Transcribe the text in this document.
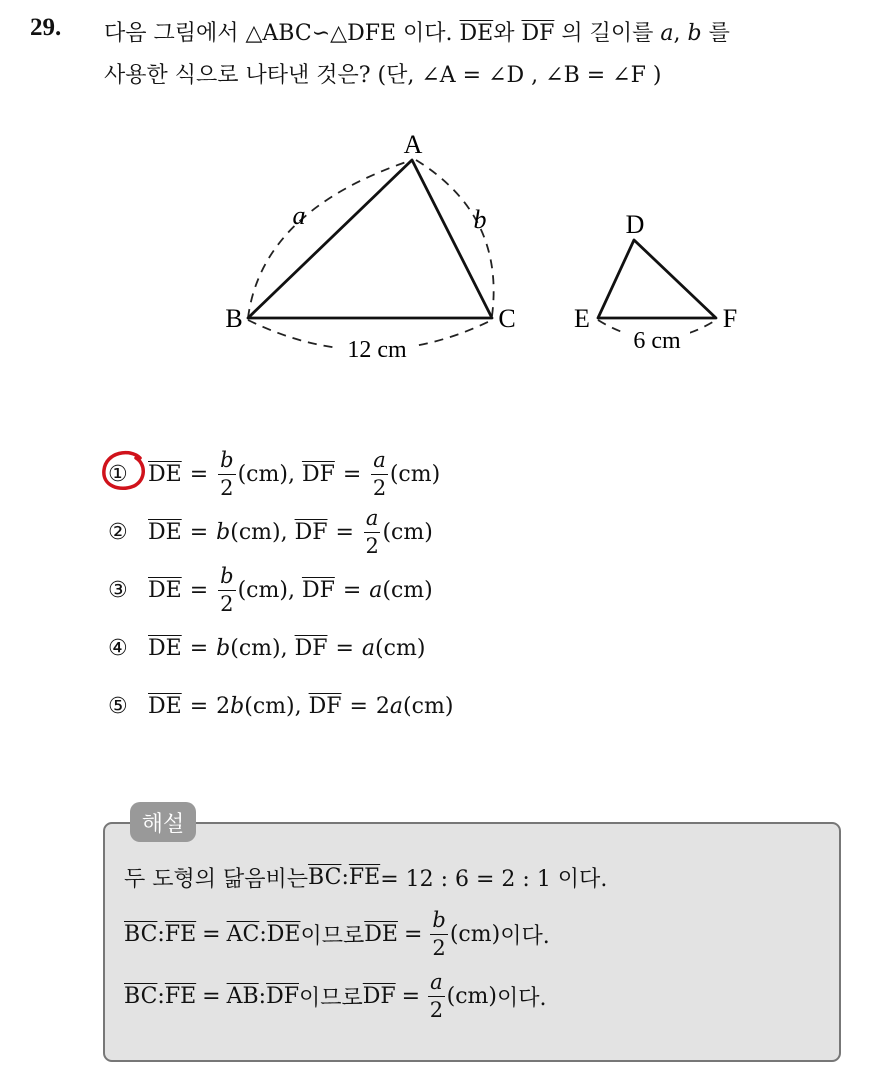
29. 다음 그림에서 △ABC∽△DFE 이다. $\overline{DE}$와 $\overline{DF}$ 의 길이를 a, b 를
사용한 식으로 나타낸 것은? (단, ∠A = ∠D , ∠B = ∠F )
A
B	C
D
E	F
a	b
12 cm	6 cm
① $\overline{DE} = \frac{b}{2} (cm)$,
$\overline{DF} = \frac{a}{2} (cm)$
② $\overline{DE} = b$ (cm),
$\overline{DF} = \frac{a}{2} (cm)$
③ $\overline{DE} = \frac{b}{2} (cm)$,
$\overline{DF} = a$ (cm)
④ $\overline{DE} = b$ (cm),
$\overline{DF} = a$ (cm)
⑤ $\overline{DE} = 2$ b (cm),
$\overline{DF} = 2$ a (cm)
해설
두 도형의 닮음비는 $\overline{BC}$ : $\overline{FE} = 12$ : 6 = 2 : 1 이다.
$\overline{BC}$ : $\overline{FE} = \overline{AC}$ : $\overline{DE}$ 이므로 $\overline{DE} = \frac{b}{2} (cm)$ 이다.
$\overline{BC}$ : $\overline{FE} = \overline{AB}$ : $\overline{DF}$ 이므로 $\overline{DF} = \frac{a}{2} (cm)$ 이다.
